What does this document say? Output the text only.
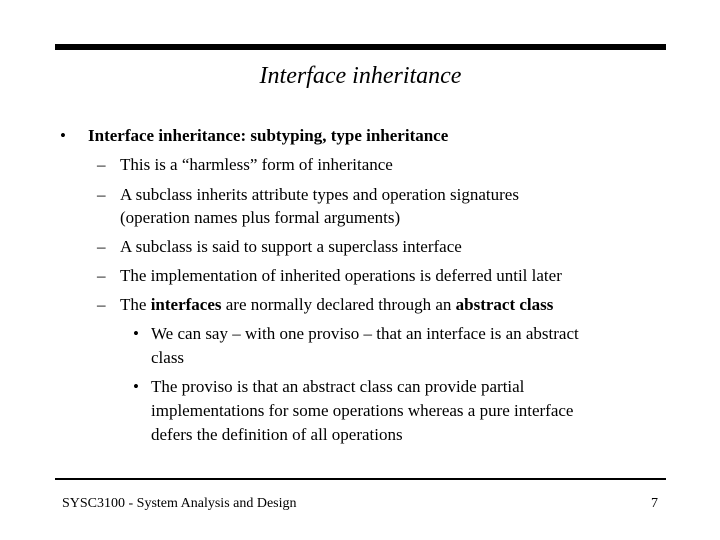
Interface inheritance
• Interface inheritance: subtyping, type inheritance
– This is a “harmless” form of inheritance
– A subclass inherits attribute types and operation signatures
(operation names plus formal arguments)
– A subclass is said to support a superclass interface
– The implementation of inherited operations is deferred until later
– The interfaces are normally declared through an abstract class
• We can say – with one proviso – that an interface is an abstract
class
• The proviso is that an abstract class can provide partial
implementations for some operations whereas a pure interface
defers the definition of all operations
SYSC3100 - System Analysis and Design	7
